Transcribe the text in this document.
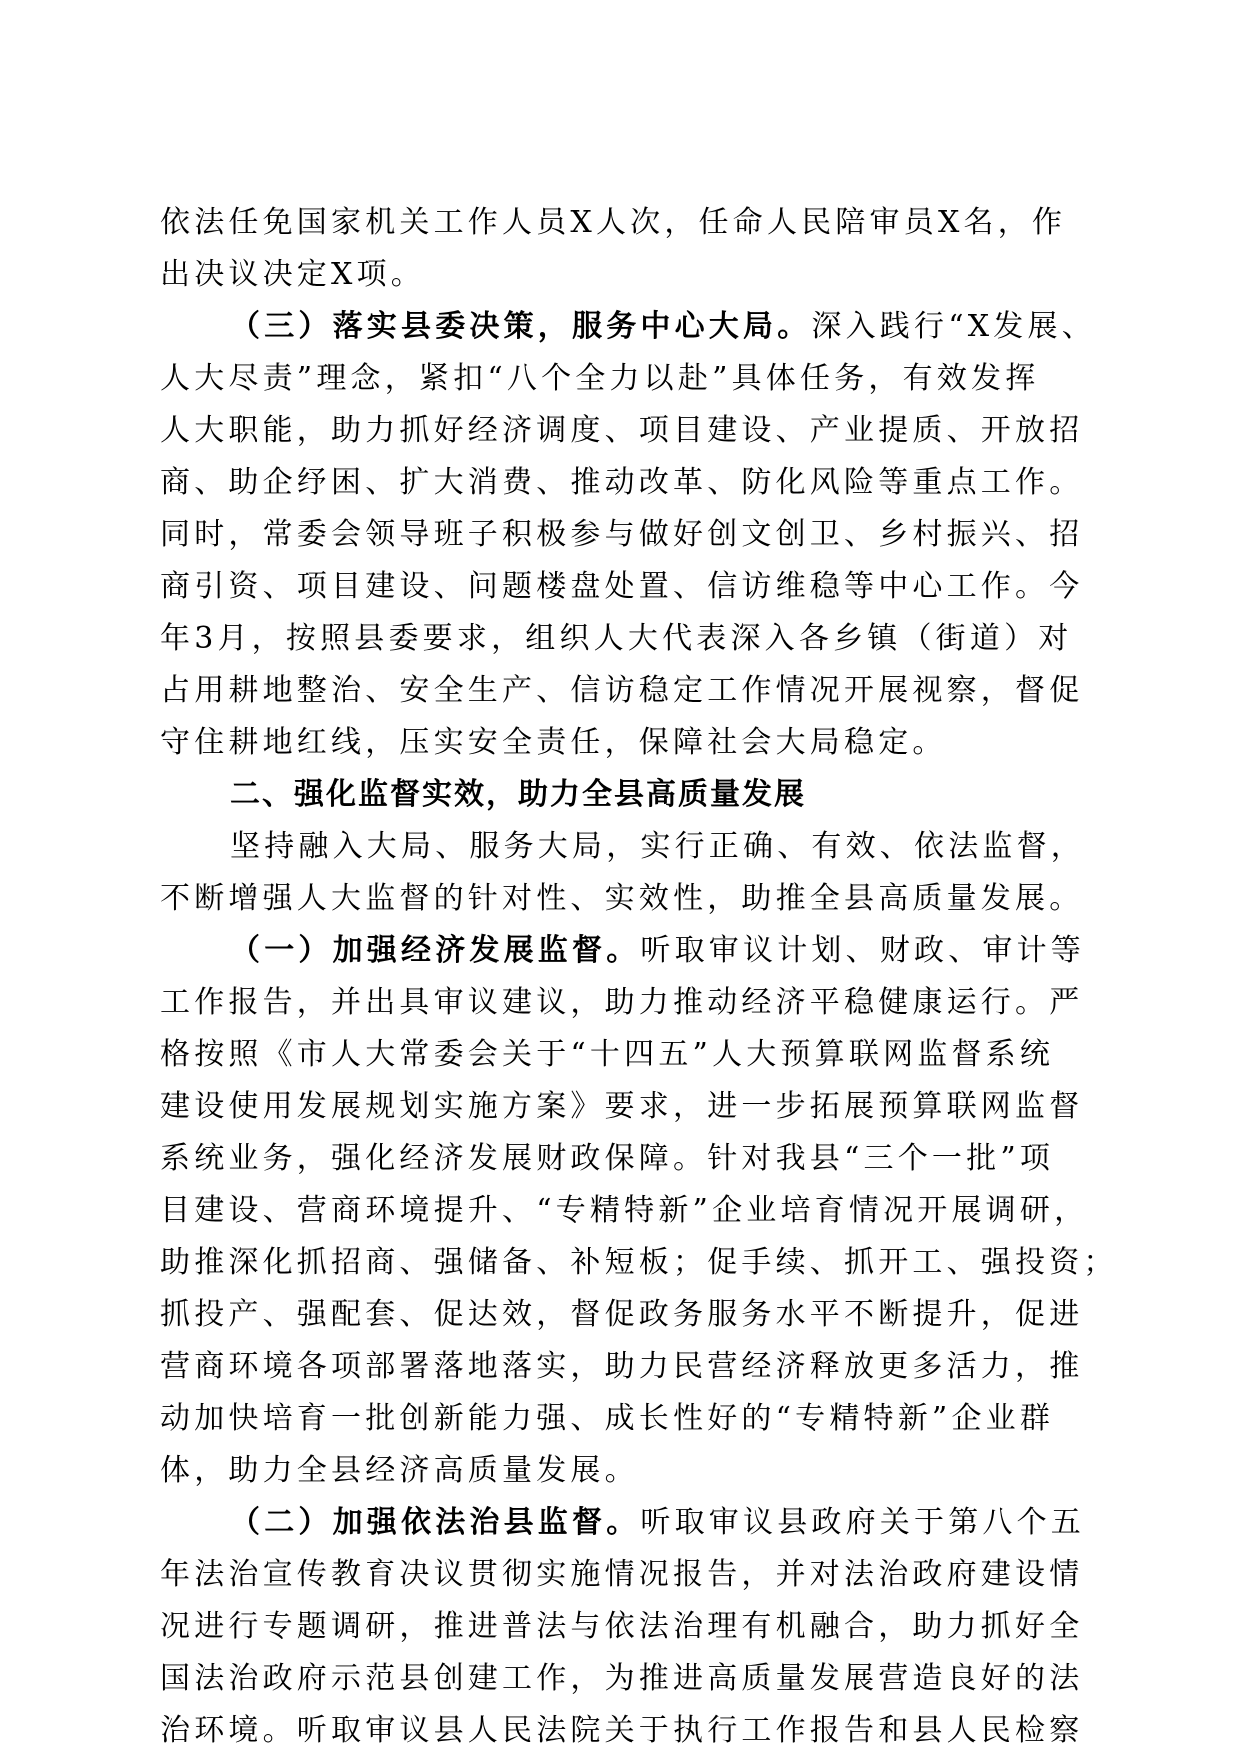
依法任免国家机关工作人员X人次，任命人民陪审员X名，作
出决议决定X项。
（三）落实县委决策，服务中心大局。深入践行“X发展、
人大尽责”理念，紧扣“八个全力以赴”具体任务，有效发挥
人大职能，助力抓好经济调度、项目建设、产业提质、开放招
商、助企纾困、扩大消费、推动改革、防化风险等重点工作。
同时，常委会领导班子积极参与做好创文创卫、乡村振兴、招
商引资、项目建设、问题楼盘处置、信访维稳等中心工作。今
年3月，按照县委要求，组织人大代表深入各乡镇（街道）对
占用耕地整治、安全生产、信访稳定工作情况开展视察，督促
守住耕地红线，压实安全责任，保障社会大局稳定。
二、强化监督实效，助力全县高质量发展
坚持融入大局、服务大局，实行正确、有效、依法监督，
不断增强人大监督的针对性、实效性，助推全县高质量发展。
（一）加强经济发展监督。听取审议计划、财政、审计等
工作报告，并出具审议建议，助力推动经济平稳健康运行。严
格按照《市人大常委会关于“十四五”人大预算联网监督系统
建设使用发展规划实施方案》要求，进一步拓展预算联网监督
系统业务，强化经济发展财政保障。针对我县“三个一批”项
目建设、营商环境提升、“专精特新”企业培育情况开展调研，
助推深化抓招商、强储备、补短板；促手续、抓开工、强投资；
抓投产、强配套、促达效，督促政务服务水平不断提升，促进
营商环境各项部署落地落实，助力民营经济释放更多活力，推
动加快培育一批创新能力强、成长性好的“专精特新”企业群
体，助力全县经济高质量发展。
（二）加强依法治县监督。听取审议县政府关于第八个五
年法治宣传教育决议贯彻实施情况报告，并对法治政府建设情
况进行专题调研，推进普法与依法治理有机融合，助力抓好全
国法治政府示范县创建工作，为推进高质量发展营造良好的法
治环境。听取审议县人民法院关于执行工作报告和县人民检察
